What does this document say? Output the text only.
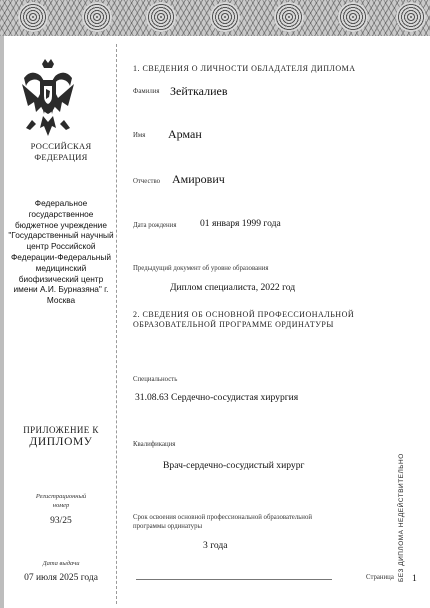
РОССИЙСКАЯ
ФЕДЕРАЦИЯ
Федеральное государственное бюджетное учреждение "Государственный научный центр Российской Федерации-Федеральный медицинский биофизический центр имени А.И. Бурназяна" г. Москва
ПРИЛОЖЕНИЕ К
ДИПЛОМУ
Регистрационный
номер
93/25
Дата выдачи
07 июля 2025 года
1. СВЕДЕНИЯ О ЛИЧНОСТИ ОБЛАДАТЕЛЯ ДИПЛОМА
Фамилия Зейткалиев
Имя Арман
Отчество Амирович
Дата рождения 01 января 1999 года
Предыдущий документ об уровне образования
Диплом специалиста, 2022 год
2. СВЕДЕНИЯ ОБ ОСНОВНОЙ ПРОФЕССИОНАЛЬНОЙ
ОБРАЗОВАТЕЛЬНОЙ ПРОГРАММЕ ОРДИНАТУРЫ
Специальность
31.08.63 Сердечно-сосудистая хирургия
Квалификация
Врач-сердечно-сосудистый хирург
Срок освоения основной профессиональной образовательной
программы ординатуры
3 года
Страница 1
БЕЗ ДИПЛОМА НЕДЕЙСТВИТЕЛЬНО
